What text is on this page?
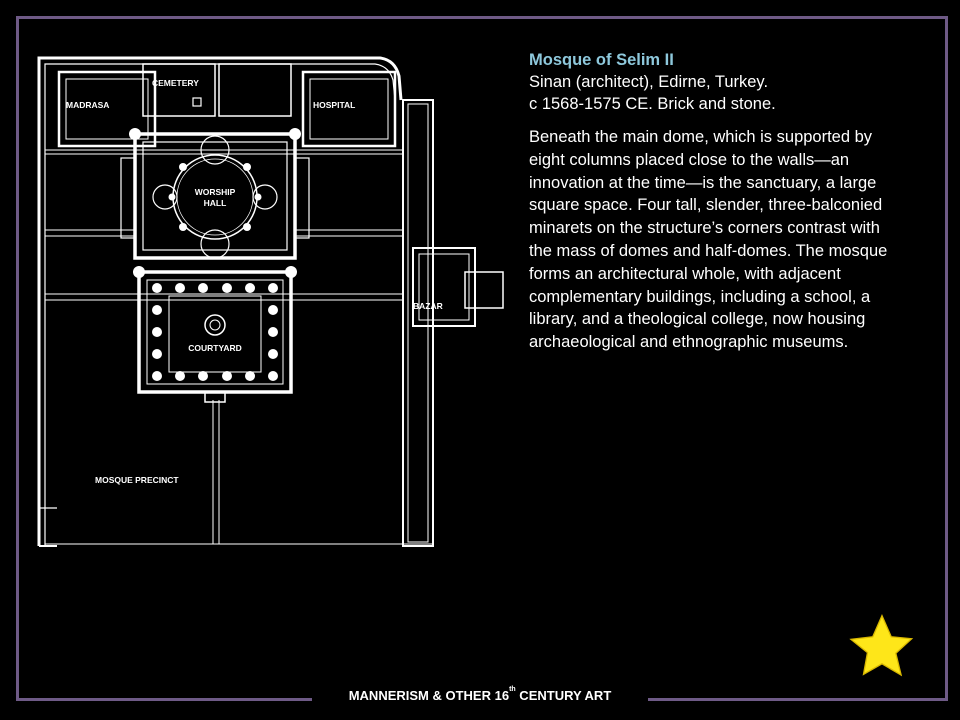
CEMETERY
MADRASA	HOSPITAL
WORSHIP
HALL
COURTYARD
BAZAR
MOSQUE PRECINCT
Mosque of Selim II
Sinan (architect), Edirne, Turkey.
c 1568-1575 CE. Brick and stone.
Beneath the main dome, which is supported by eight columns placed close to the walls—an innovation at the time—is the sanctuary, a large square space. Four tall, slender, three-balconied minarets on the structure’s corners contrast with the mass of domes and half-domes. The mosque forms an architectural whole, with adjacent complementary buildings, including a school, a library, and a theological college, now housing archaeological and ethnographic museums.
MANNERISM & OTHER 16th CENTURY ART
